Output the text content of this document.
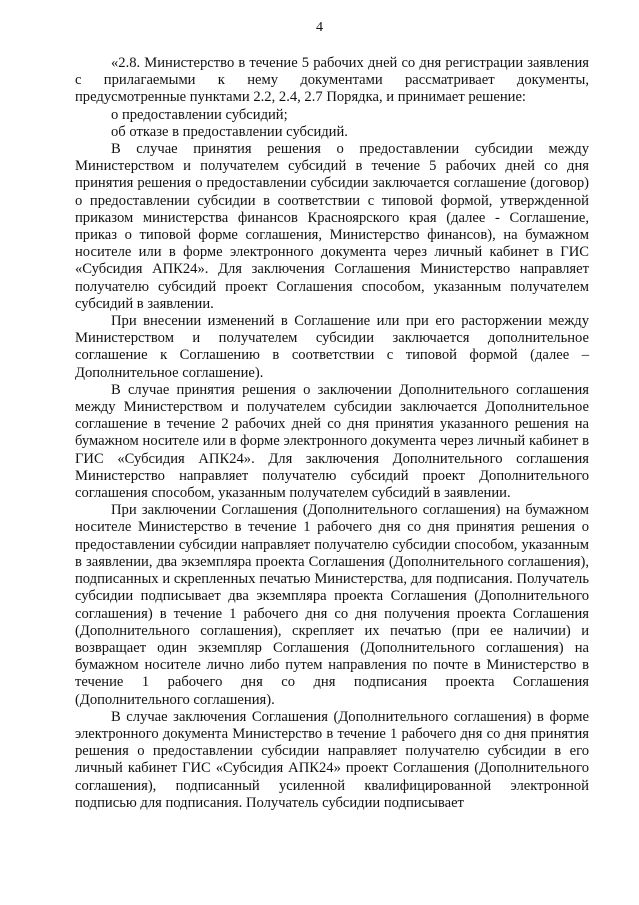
4

«2.8. Министерство в течение 5 рабочих дней со дня регистрации заявления с прилагаемыми к нему документами рассматривает документы, предусмотренные пунктами 2.2, 2.4, 2.7 Порядка, и принимает решение:

о предоставлении субсидий;

об отказе в предоставлении субсидий.

В случае принятия решения о предоставлении субсидии между Министерством и получателем субсидий в течение 5 рабочих дней со дня принятия решения о предоставлении субсидии заключается соглашение (договор) о предоставлении субсидии в соответствии с типовой формой, утвержденной приказом министерства финансов Красноярского края (далее - Соглашение, приказ о типовой форме соглашения, Министерство финансов), на бумажном носителе или в форме электронного документа через личный кабинет в ГИС «Субсидия АПК24». Для заключения Соглашения Министерство направляет получателю субсидий проект Соглашения способом, указанным получателем субсидий в заявлении.

При внесении изменений в Соглашение или при его расторжении между Министерством и получателем субсидии заключается дополнительное соглашение к Соглашению в соответствии с типовой формой (далее – Дополнительное соглашение).

В случае принятия решения о заключении Дополнительного соглашения между Министерством и получателем субсидии заключается Дополнительное соглашение в течение 2 рабочих дней со дня принятия указанного решения на бумажном носителе или в форме электронного документа через личный кабинет в ГИС «Субсидия АПК24». Для заключения Дополнительного соглашения Министерство направляет получателю субсидий проект Дополнительного соглашения способом, указанным получателем субсидий в заявлении.

При заключении Соглашения (Дополнительного соглашения) на бумажном носителе Министерство в течение 1 рабочего дня со дня принятия решения о предоставлении субсидии направляет получателю субсидии способом, указанным в заявлении, два экземпляра проекта Соглашения (Дополнительного соглашения), подписанных и скрепленных печатью Министерства, для подписания. Получатель субсидии подписывает два экземпляра проекта Соглашения (Дополнительного соглашения) в течение 1 рабочего дня со дня получения проекта Соглашения (Дополнительного соглашения), скрепляет их печатью (при ее наличии) и возвращает один экземпляр Соглашения (Дополнительного соглашения) на бумажном носителе лично либо путем направления по почте в Министерство в течение 1 рабочего дня со дня подписания проекта Соглашения (Дополнительного соглашения).

В случае заключения Соглашения (Дополнительного соглашения) в форме электронного документа Министерство в течение 1 рабочего дня со дня принятия решения о предоставлении субсидии направляет получателю субсидии в его личный кабинет ГИС «Субсидия АПК24» проект Соглашения (Дополнительного соглашения), подписанный усиленной квалифицированной электронной подписью для подписания. Получатель субсидии подписывает
